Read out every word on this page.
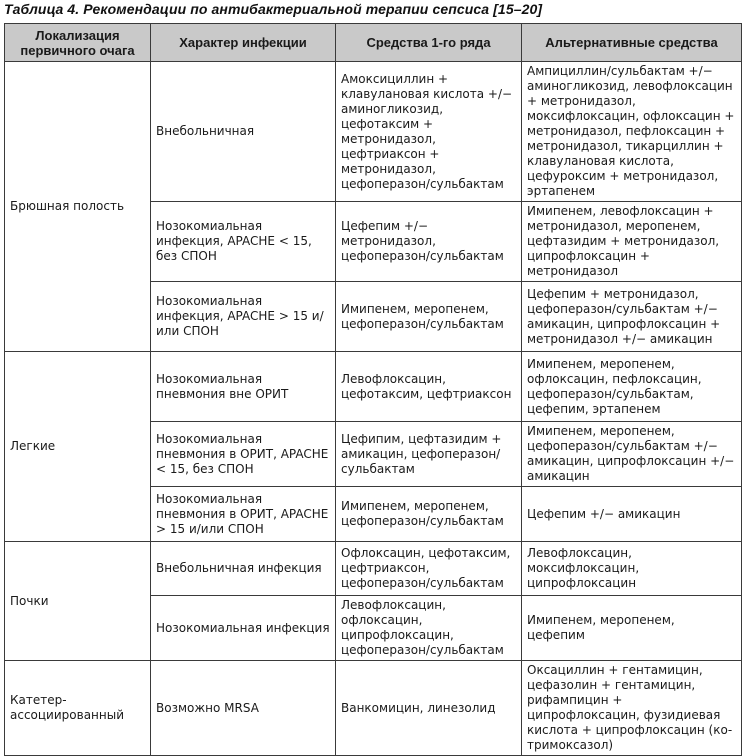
Таблица 4. Рекомендации по антибактериальной терапии сепсиса [15–20]
Локализация первичного очага	Характер инфекции	Средства 1-го ряда	Альтернативные средства
Брюшная полость	Внебольничная	Амоксициллин + клавулановая кислота +/− аминогликозид, цефотаксим + метронидазол, цефтриаксон + метронидазол, цефоперазон/сульбактам	Ампициллин/сульбактам +/− аминогликозид, левофлоксацин + метронидазол, моксифлоксацин, офлоксацин + метронидазол, пефлоксацин + метронидазол, тикарциллин + клавулановая кислота, цефуроксим + метронидазол, эртапенем
	Нозокомиальная инфекция, APACHE < 15, без СПОН	Цефепим +/− метронидазол, цефоперазон/сульбактам	Имипенем, левофлоксацин + метронидазол, меропенем, цефтазидим + метронидазол, ципрофлоксацин + метронидазол
	Нозокомиальная инфекция, APACHE > 15 и/или СПОН	Имипенем, меропенем, цефоперазон/сульбактам	Цефепим + метронидазол, цефоперазон/сульбактам +/− амикацин, ципрофлоксацин + метронидазол +/− амикацин
Легкие	Нозокомиальная пневмония вне ОРИТ	Левофлоксацин, цефотаксим, цефтриаксон	Имипенем, меропенем, офлоксацин, пефлоксацин, цефоперазон/сульбактам, цефепим, эртапенем
	Нозокомиальная пневмония в ОРИТ, APACHE < 15, без СПОН	Цефипим, цефтазидим + амикацин, цефоперазон/сульбактам	Имипенем, меропенем, цефоперазон/сульбактам +/− амикацин, ципрофлоксацин +/− амикацин
	Нозокомиальная пневмония в ОРИТ, APACHE > 15 и/или СПОН	Имипенем, меропенем, цефоперазон/сульбактам	Цефепим +/− амикацин
Почки	Внебольничная инфекция	Офлоксацин, цефотаксим, цефтриаксон, цефоперазон/сульбактам	Левофлоксацин, моксифлоксацин, ципрофлоксацин
	Нозокомиальная инфекция	Левофлоксацин, офлоксацин, ципрофлоксацин, цефоперазон/сульбактам	Имипенем, меропенем, цефепим
Катетер-ассоциированный	Возможно MRSA	Ванкомицин, линезолид	Оксациллин + гентамицин, цефазолин + гентамицин, рифампицин + ципрофлоксацин, фузидиевая кислота + ципрофлоксацин (ко-тримоксазол)
